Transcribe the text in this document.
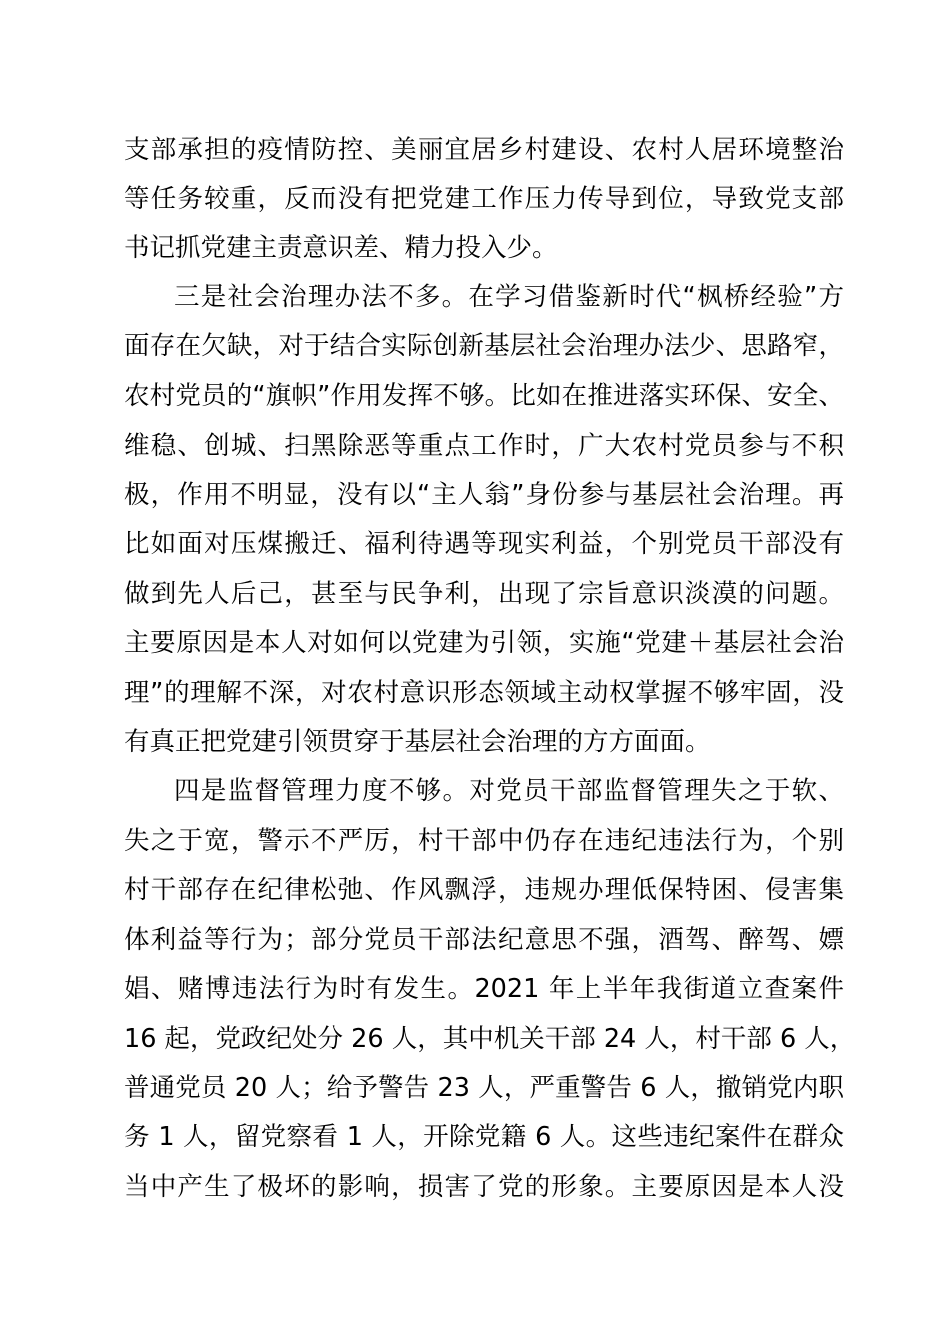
支部承担的疫情防控、美丽宜居乡村建设、农村人居环境整治
等任务较重，反而没有把党建工作压力传导到位，导致党支部
书记抓党建主责意识差、精力投入少。
三是社会治理办法不多。在学习借鉴新时代“枫桥经验”方
面存在欠缺，对于结合实际创新基层社会治理办法少、思路窄，
农村党员的“旗帜”作用发挥不够。比如在推进落实环保、安全、
维稳、创城、扫黑除恶等重点工作时，广大农村党员参与不积
极，作用不明显，没有以“主人翁”身份参与基层社会治理。再
比如面对压煤搬迁、福利待遇等现实利益，个别党员干部没有
做到先人后己，甚至与民争利，出现了宗旨意识淡漠的问题。
主要原因是本人对如何以党建为引领，实施“党建＋基层社会治
理”的理解不深，对农村意识形态领域主动权掌握不够牢固，没
有真正把党建引领贯穿于基层社会治理的方方面面。
四是监督管理力度不够。对党员干部监督管理失之于软、
失之于宽，警示不严厉，村干部中仍存在违纪违法行为，个别
村干部存在纪律松弛、作风飘浮，违规办理低保特困、侵害集
体利益等行为；部分党员干部法纪意思不强，酒驾、醉驾、嫖
娼、赌博违法行为时有发生。2021 年上半年我街道立查案件
16 起，党政纪处分 26 人，其中机关干部 24 人，村干部 6 人，
普通党员 20 人；给予警告 23 人，严重警告 6 人，撤销党内职
务 1 人，留党察看 1 人，开除党籍 6 人。这些违纪案件在群众
当中产生了极坏的影响，损害了党的形象。主要原因是本人没
